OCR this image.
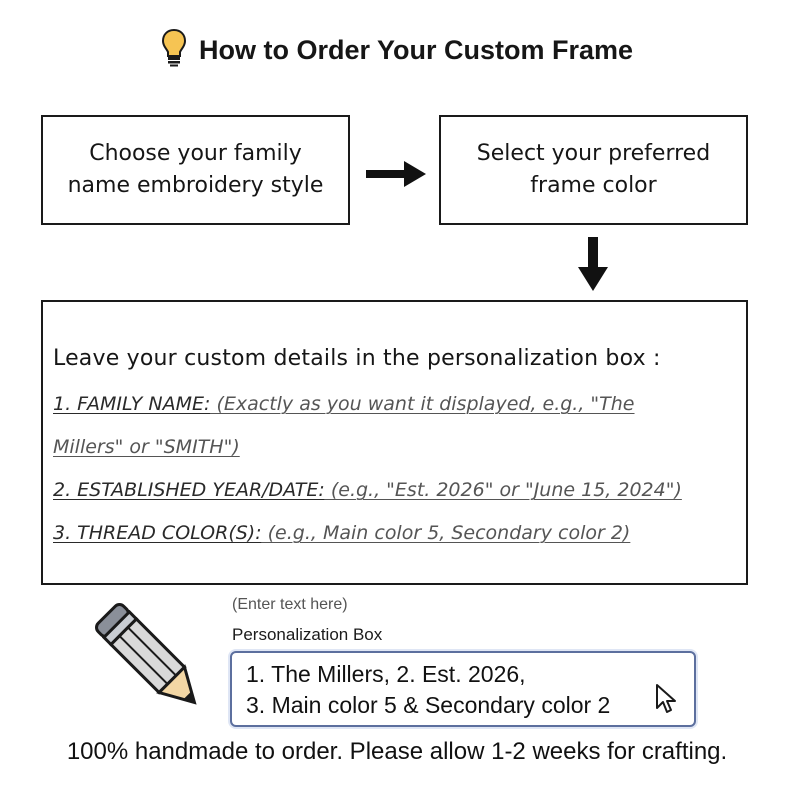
How to Order Your Custom Frame
Choose your family
name embroidery style
Select your preferred
frame color
Leave your custom details in the personalization box :
1. FAMILY NAME: (Exactly as you want it displayed, e.g., "The
Millers" or "SMITH")
2. ESTABLISHED YEAR/DATE: (e.g., "Est. 2026" or "June 15, 2024")
3. THREAD COLOR(S): (e.g., Main color 5, Secondary color 2)
(Enter text here)
Personalization Box
1. The Millers, 2. Est. 2026,
3. Main color 5 & Secondary color 2
100% handmade to order. Please allow 1-2 weeks for crafting.
